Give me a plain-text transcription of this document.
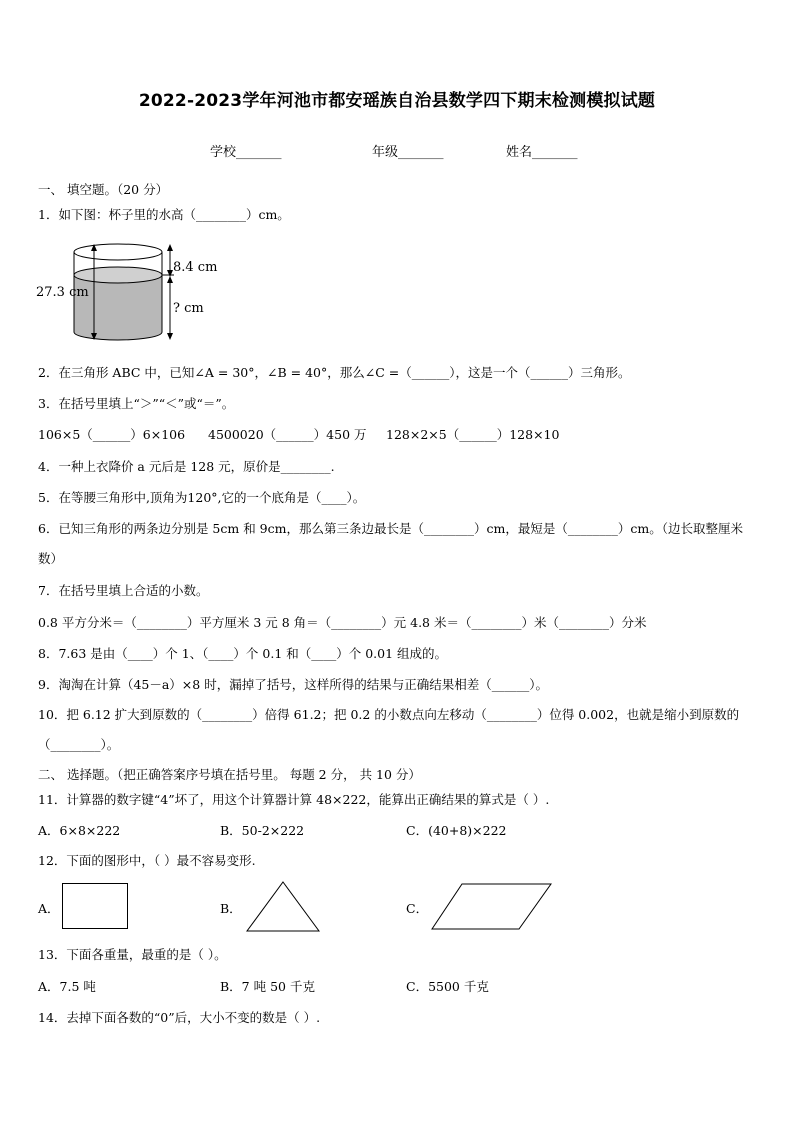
2022-2023学年河池市都安瑶族自治县数学四下期末检测模拟试题
学校_______	年级_______	姓名_______
一、 填空题。（20 分）
1．如下图：杯子里的水高（________）cm。
27.3 cm
8.4 cm
? cm
2．在三角形 ABC 中，已知∠A = 30°，∠B = 40°，那么∠C =（______），这是一个（______）三角形。
3．在括号里填上“＞”“＜”或“＝”。
106×5（______）6×106 4500020（______）450 万 128×2×5（______）128×10
4．一种上衣降价 a 元后是 128 元，原价是________.
5．在等腰三角形中,顶角为120°,它的一个底角是（____）。
6．已知三角形的两条边分别是 5cm 和 9cm，那么第三条边最长是（________）cm，最短是（________）cm。（边长取整厘米数）
7．在括号里填上合适的小数。
0.8 平方分米＝（________）平方厘米 3 元 8 角＝（________）元 4.8 米＝（________）米（________）分米
8．7.63 是由（____）个 1、（____）个 0.1 和（____）个 0.01 组成的。
9．淘淘在计算（45－a）×8 时，漏掉了括号，这样所得的结果与正确结果相差（______）。
10．把 6.12 扩大到原数的（________）倍得 61.2；把 0.2 的小数点向左移动（________）位得 0.002，也就是缩小到原数的（________）。
二、 选择题。（把正确答案序号填在括号里。 每题 2 分， 共 10 分）
11．计算器的数字键“4”坏了，用这个计算器计算 48×222，能算出正确结果的算式是（ ）.
A．6×8×222	B．50-2×222	C．(40+8)×222
12．下面的图形中，（ ）最不容易变形.
A．	B．	C．
13．下面各重量，最重的是（ ）。
A．7.5 吨	B．7 吨 50 千克	C．5500 千克
14．去掉下面各数的“0”后，大小不变的数是（ ）.
